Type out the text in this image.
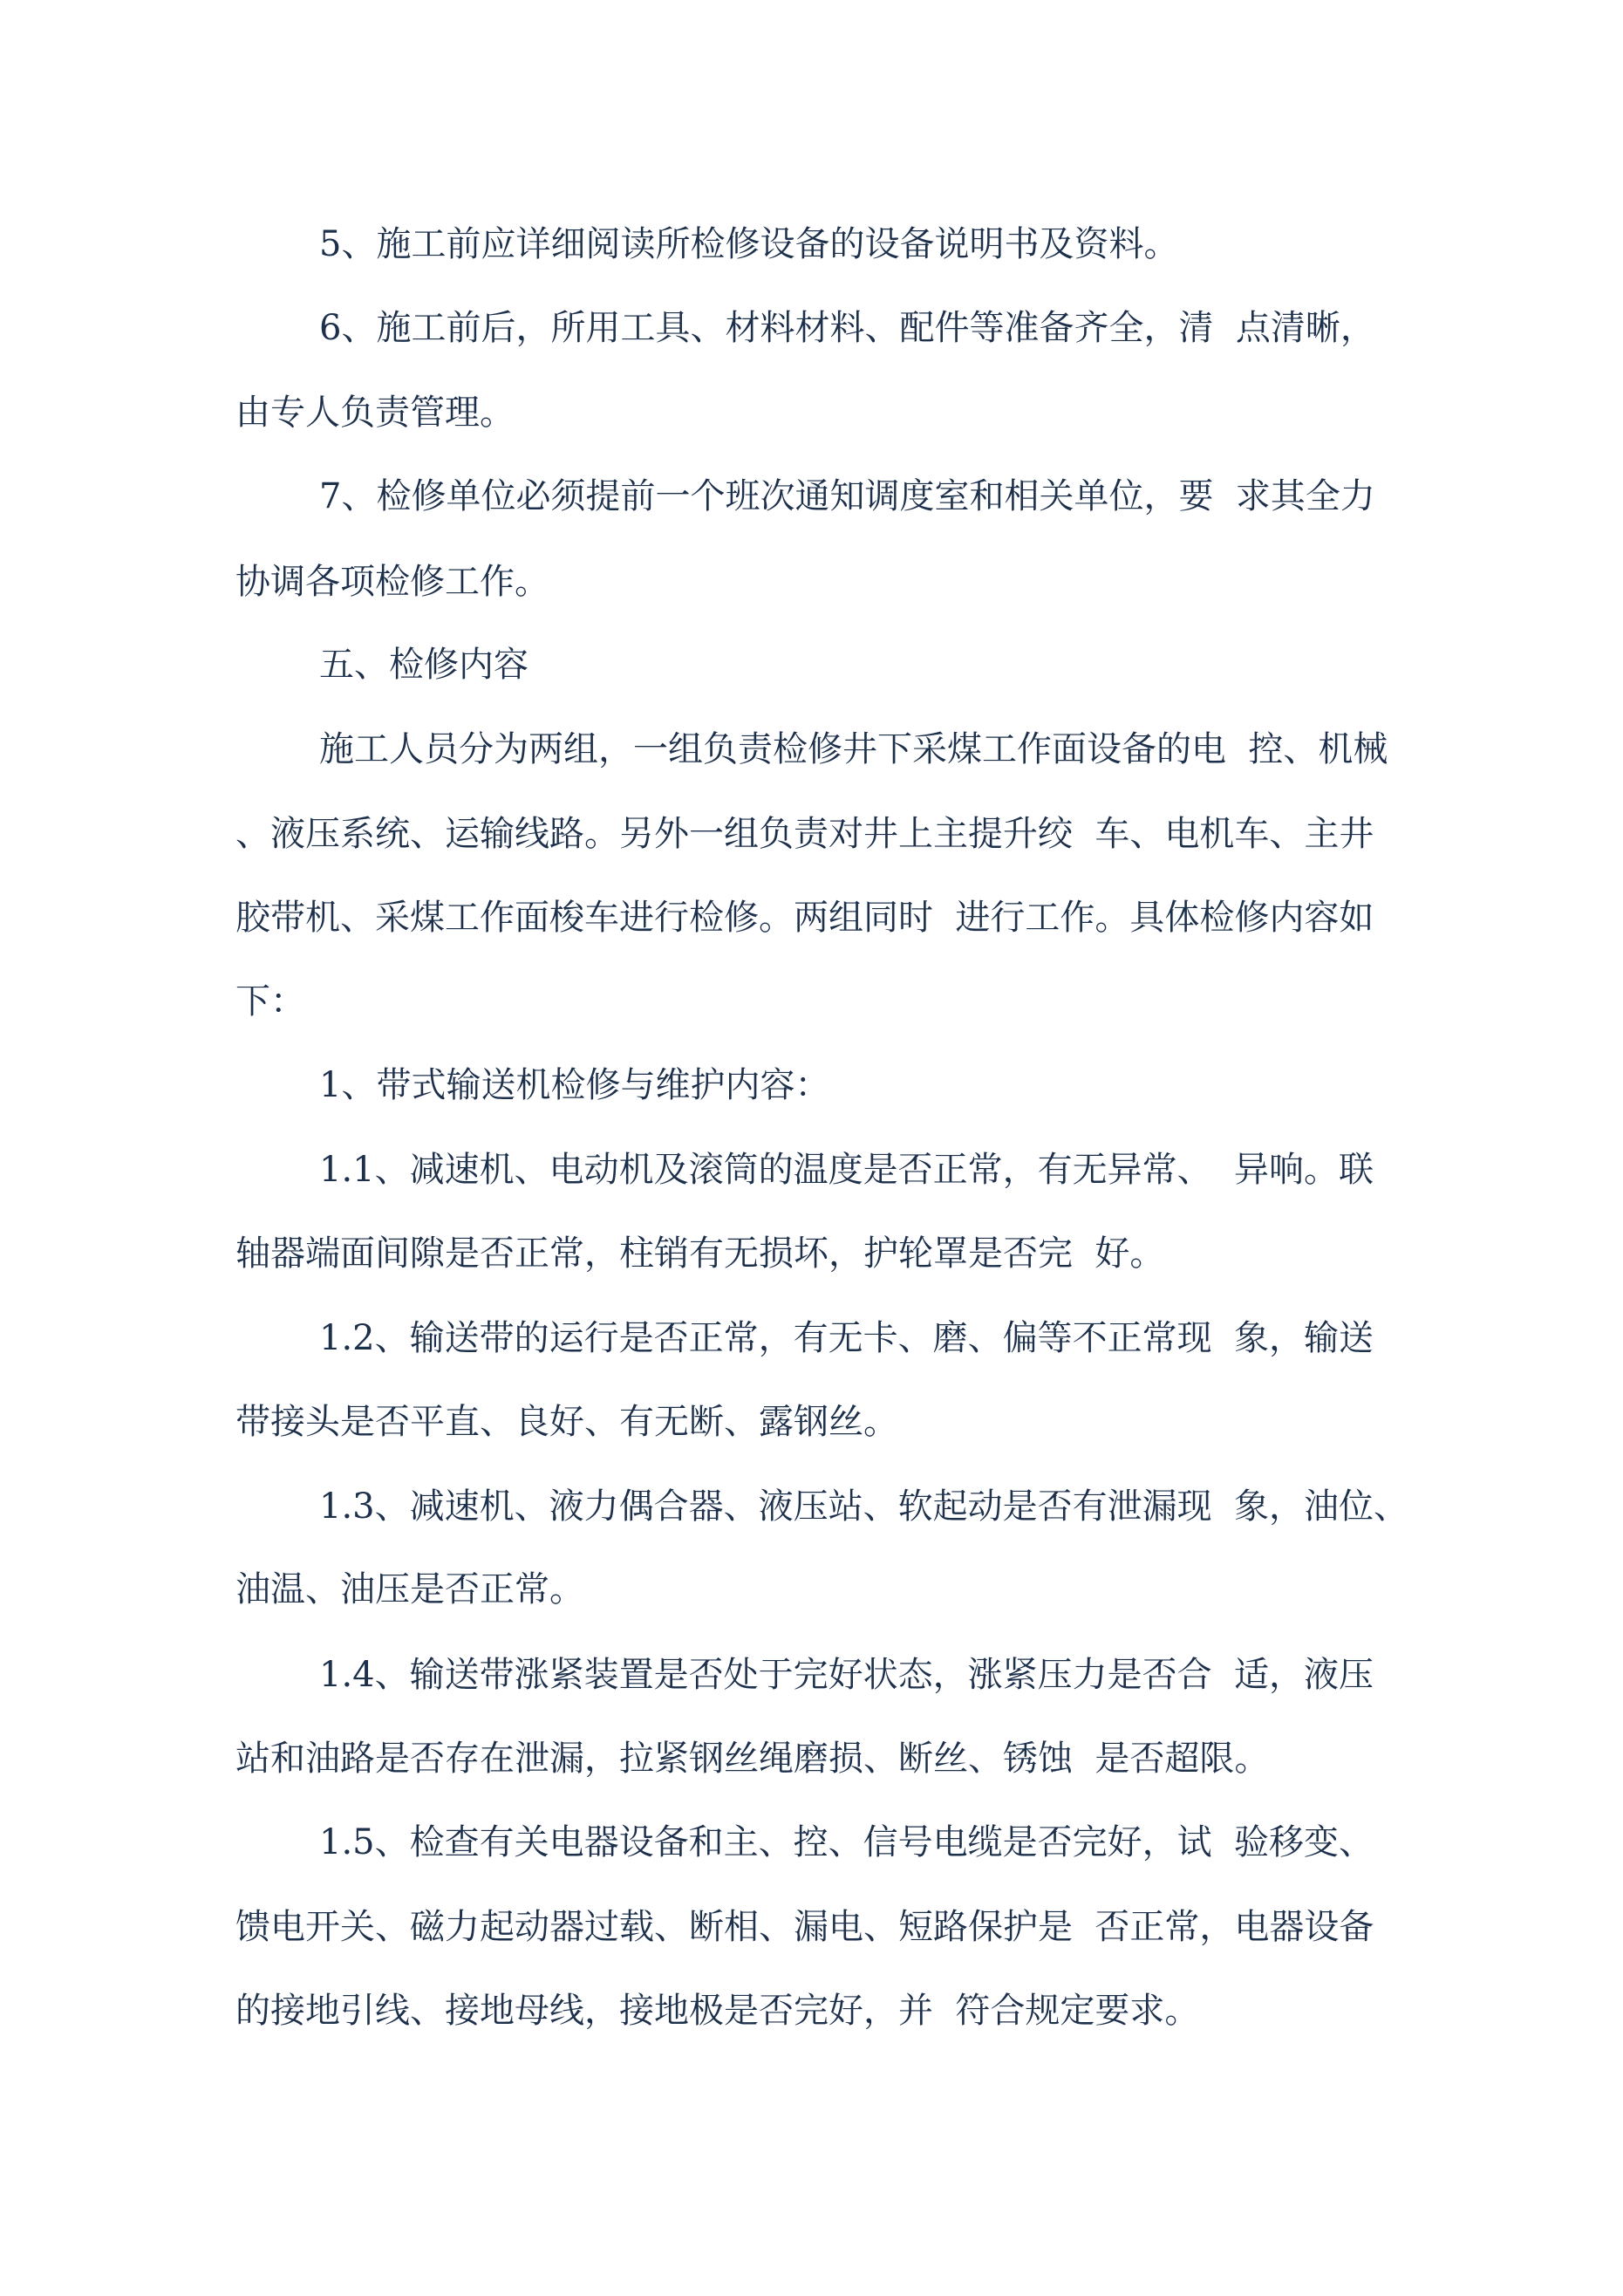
5、施工前应详细阅读所检修设备的设备说明书及资料。
6、施工前后，所用工具、材料材料、配件等准备齐全，清  点清晰，
由专人负责管理。
7、检修单位必须提前一个班次通知调度室和相关单位，要  求其全力
协调各项检修工作。
五、检修内容
施工人员分为两组，一组负责检修井下采煤工作面设备的电  控、机械
、液压系统、运输线路。另外一组负责对井上主提升绞  车、电机车、主井
胶带机、采煤工作面梭车进行检修。两组同时  进行工作。具体检修内容如
下：
1、带式输送机检修与维护内容：
1.1、减速机、电动机及滚筒的温度是否正常，有无异常、  异响。联
轴器端面间隙是否正常，柱销有无损坏，护轮罩是否完  好。
1.2、输送带的运行是否正常，有无卡、磨、偏等不正常现  象，输送
带接头是否平直、良好、有无断、露钢丝。
1.3、减速机、液力偶合器、液压站、软起动是否有泄漏现  象，油位、
油温、油压是否正常。
1.4、输送带涨紧装置是否处于完好状态，涨紧压力是否合  适，液压
站和油路是否存在泄漏，拉紧钢丝绳磨损、断丝、锈蚀  是否超限。
1.5、检查有关电器设备和主、控、信号电缆是否完好，试  验移变、
馈电开关、磁力起动器过载、断相、漏电、短路保护是  否正常，电器设备
的接地引线、接地母线，接地极是否完好，并  符合规定要求。
